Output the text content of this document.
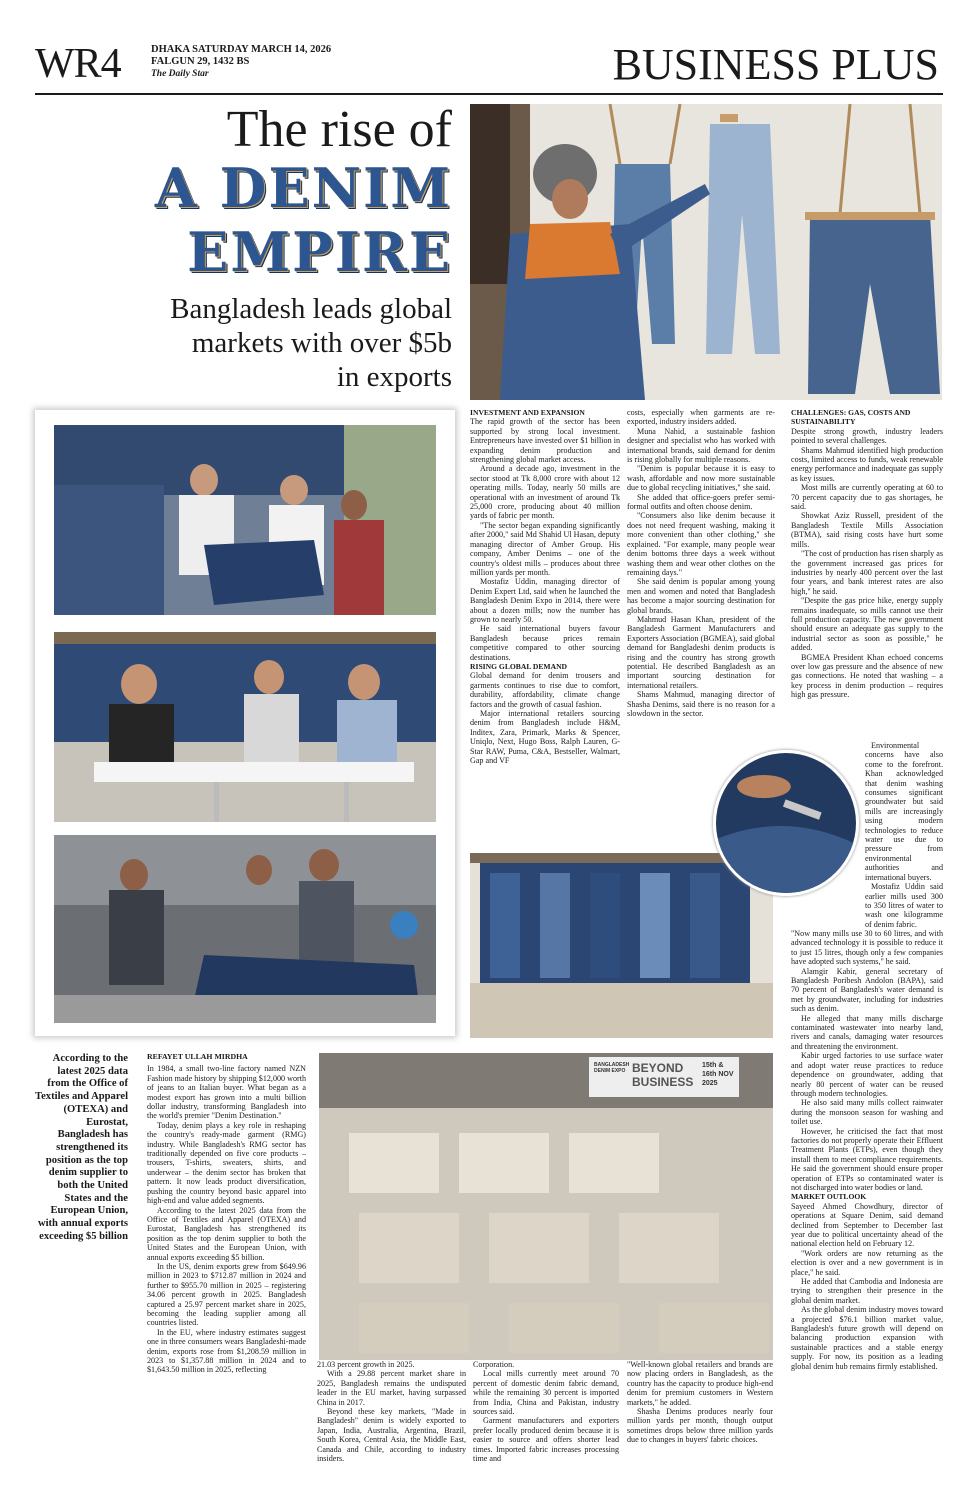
WR4	DHAKA SATURDAY MARCH 14, 2026
FALGUN 29, 1432 BS
The Daily Star	BUSINESS PLUS
The rise of
A DENIM
EMPIRE
Bangladesh leads global markets with over $5b in exports
BANGLADESH DENIM EXPO BEYOND BUSINESS
15th & 16th NOV 2025
According to the latest 2025 data from the Office of Textiles and Apparel (OTEXA) and Eurostat, Bangladesh has strengthened its position as the top denim supplier to both the United States and the European Union, with annual exports exceeding $5 billion

REFAYET ULLAH MIRDHA

In 1984, a small two-line factory named NZN Fashion made history by shipping $12,000 worth of jeans to an Italian buyer. What began as a modest export has grown into a multi billion dollar industry, transforming Bangladesh into the world's premier "Denim Destination."

Today, denim plays a key role in reshaping the country's ready-made garment (RMG) industry. While Bangladesh's RMG sector has traditionally depended on five core products – trousers, T-shirts, sweaters, shirts, and underwear – the denim sector has broken that pattern. It now leads product diversification, pushing the country beyond basic apparel into high-end and value added segments.

According to the latest 2025 data from the Office of Textiles and Apparel (OTEXA) and Eurostat, Bangladesh has strengthened its position as the top denim supplier to both the United States and the European Union, with annual exports exceeding $5 billion.

In the US, denim exports grew from $649.96 million in 2023 to $712.87 million in 2024 and further to $955.70 million in 2025 – registering 34.06 percent growth in 2025. Bangladesh captured a 25.97 percent market share in 2025, becoming the leading supplier among all countries listed.

In the EU, where industry estimates suggest one in three consumers wears Bangladeshi-made denim, exports rose from $1,208.59 million in 2023 to $1,357.88 million in 2024 and to $1,643.50 million in 2025, reflecting

21.03 percent growth in 2025.

With a 29.88 percent market share in 2025, Bangladesh remains the undisputed leader in the EU market, having surpassed China in 2017.

Beyond these key markets, "Made in Bangladesh" denim is widely exported to Japan, India, Australia, Argentina, Brazil, South Korea, Central Asia, the Middle East, Canada and Chile, according to industry insiders.

Corporation.

Local mills currently meet around 70 percent of domestic denim fabric demand, while the remaining 30 percent is imported from India, China and Pakistan, industry sources said.

Garment manufacturers and exporters prefer locally produced denim because it is easier to source and offers shorter lead times. Imported fabric increases processing time and

"Well-known global retailers and brands are now placing orders in Bangladesh, as the country has the capacity to produce high-end denim for premium customers in Western markets," he added.

Shasha Denims produces nearly four million yards per month, though output sometimes drops below three million yards due to changes in buyers' fabric choices.

INVESTMENT AND EXPANSION

The rapid growth of the sector has been supported by strong local investment. Entrepreneurs have invested over $1 billion in expanding denim production and strengthening global market access.

Around a decade ago, investment in the sector stood at Tk 8,000 crore with about 12 operating mills. Today, nearly 50 mills are operational with an investment of around Tk 25,000 crore, producing about 40 million yards of fabric per month.

"The sector began expanding significantly after 2000," said Md Shahid Ul Hasan, deputy managing director of Amber Group. His company, Amber Denims – one of the country's oldest mills – produces about three million yards per month.

Mostafiz Uddin, managing director of Denim Expert Ltd, said when he launched the Bangladesh Denim Expo in 2014, there were about a dozen mills; now the number has grown to nearly 50.

He said international buyers favour Bangladesh because prices remain competitive compared to other sourcing destinations.

RISING GLOBAL DEMAND

Global demand for denim trousers and garments continues to rise due to comfort, durability, affordability, climate change factors and the growth of casual fashion.

Major international retailers sourcing denim from Bangladesh include H&M, Inditex, Zara, Primark, Marks & Spencer, Uniqlo, Next, Hugo Boss, Ralph Lauren, G-Star RAW, Puma, C&A, Bestseller, Walmart, Gap and VF

costs, especially when garments are re-exported, industry insiders added.

Muna Nahid, a sustainable fashion designer and specialist who has worked with international brands, said demand for denim is rising globally for multiple reasons.

"Denim is popular because it is easy to wash, affordable and now more sustainable due to global recycling initiatives," she said.

She added that office-goers prefer semi-formal outfits and often choose denim.

"Consumers also like denim because it does not need frequent washing, making it more convenient than other clothing," she explained. "For example, many people wear denim bottoms three days a week without washing them and wear other clothes on the remaining days."

She said denim is popular among young men and women and noted that Bangladesh has become a major sourcing destination for global brands.

Mahmud Hasan Khan, president of the Bangladesh Garment Manufacturers and Exporters Association (BGMEA), said global demand for Bangladeshi denim products is rising and the country has strong growth potential. He described Bangladesh as an important sourcing destination for international retailers.

Shams Mahmud, managing director of Shasha Denims, said there is no reason for a slowdown in the sector.

CHALLENGES: GAS, COSTS AND SUSTAINABILITY

Despite strong growth, industry leaders pointed to several challenges.

Shams Mahmud identified high production costs, limited access to funds, weak renewable energy performance and inadequate gas supply as key issues.

Most mills are currently operating at 60 to 70 percent capacity due to gas shortages, he said.

Showkat Aziz Russell, president of the Bangladesh Textile Mills Association (BTMA), said rising costs have hurt some mills.

"The cost of production has risen sharply as the government increased gas prices for industries by nearly 400 percent over the last four years, and bank interest rates are also high," he said.

"Despite the gas price hike, energy supply remains inadequate, so mills cannot use their full production capacity. The new government should ensure an adequate gas supply to the industrial sector as soon as possible," he added.

BGMEA President Khan echoed concerns over low gas pressure and the absence of new gas connections. He noted that washing – a key process in denim production – requires high gas pressure.

Environmental concerns have also come to the forefront. Khan acknowledged that denim washing consumes significant groundwater but said mills are increasingly using modern technologies to reduce water use due to pressure from environmental authorities and international buyers.

Mostafiz Uddin said earlier mills used 300 to 350 litres of water to wash one kilogramme of denim fabric.

"Now many mills use 30 to 60 litres, and with advanced technology it is possible to reduce it to just 15 litres, though only a few companies have adopted such systems," he said.

Alamgir Kabir, general secretary of Bangladesh Poribesh Andolon (BAPA), said 70 percent of Bangladesh's water demand is met by groundwater, including for industries such as denim.

He alleged that many mills discharge contaminated wastewater into nearby land, rivers and canals, damaging water resources and threatening the environment.

Kabir urged factories to use surface water and adopt water reuse practices to reduce dependence on groundwater, adding that nearly 80 percent of water can be reused through modern technologies.

He also said many mills collect rainwater during the monsoon season for washing and toilet use.

However, he criticised the fact that most factories do not properly operate their Effluent Treatment Plants (ETPs), even though they install them to meet compliance requirements. He said the government should ensure proper operation of ETPs so contaminated water is not discharged into water bodies or land.

MARKET OUTLOOK

Sayeed Ahmed Chowdhury, director of operations at Square Denim, said demand declined from September to December last year due to political uncertainty ahead of the national election held on February 12.

"Work orders are now returning as the election is over and a new government is in place," he said.

He added that Cambodia and Indonesia are trying to strengthen their presence in the global denim market.

As the global denim industry moves toward a projected $76.1 billion market value, Bangladesh's future growth will depend on balancing production expansion with sustainable practices and a stable energy supply. For now, its position as a leading global denim hub remains firmly established.
